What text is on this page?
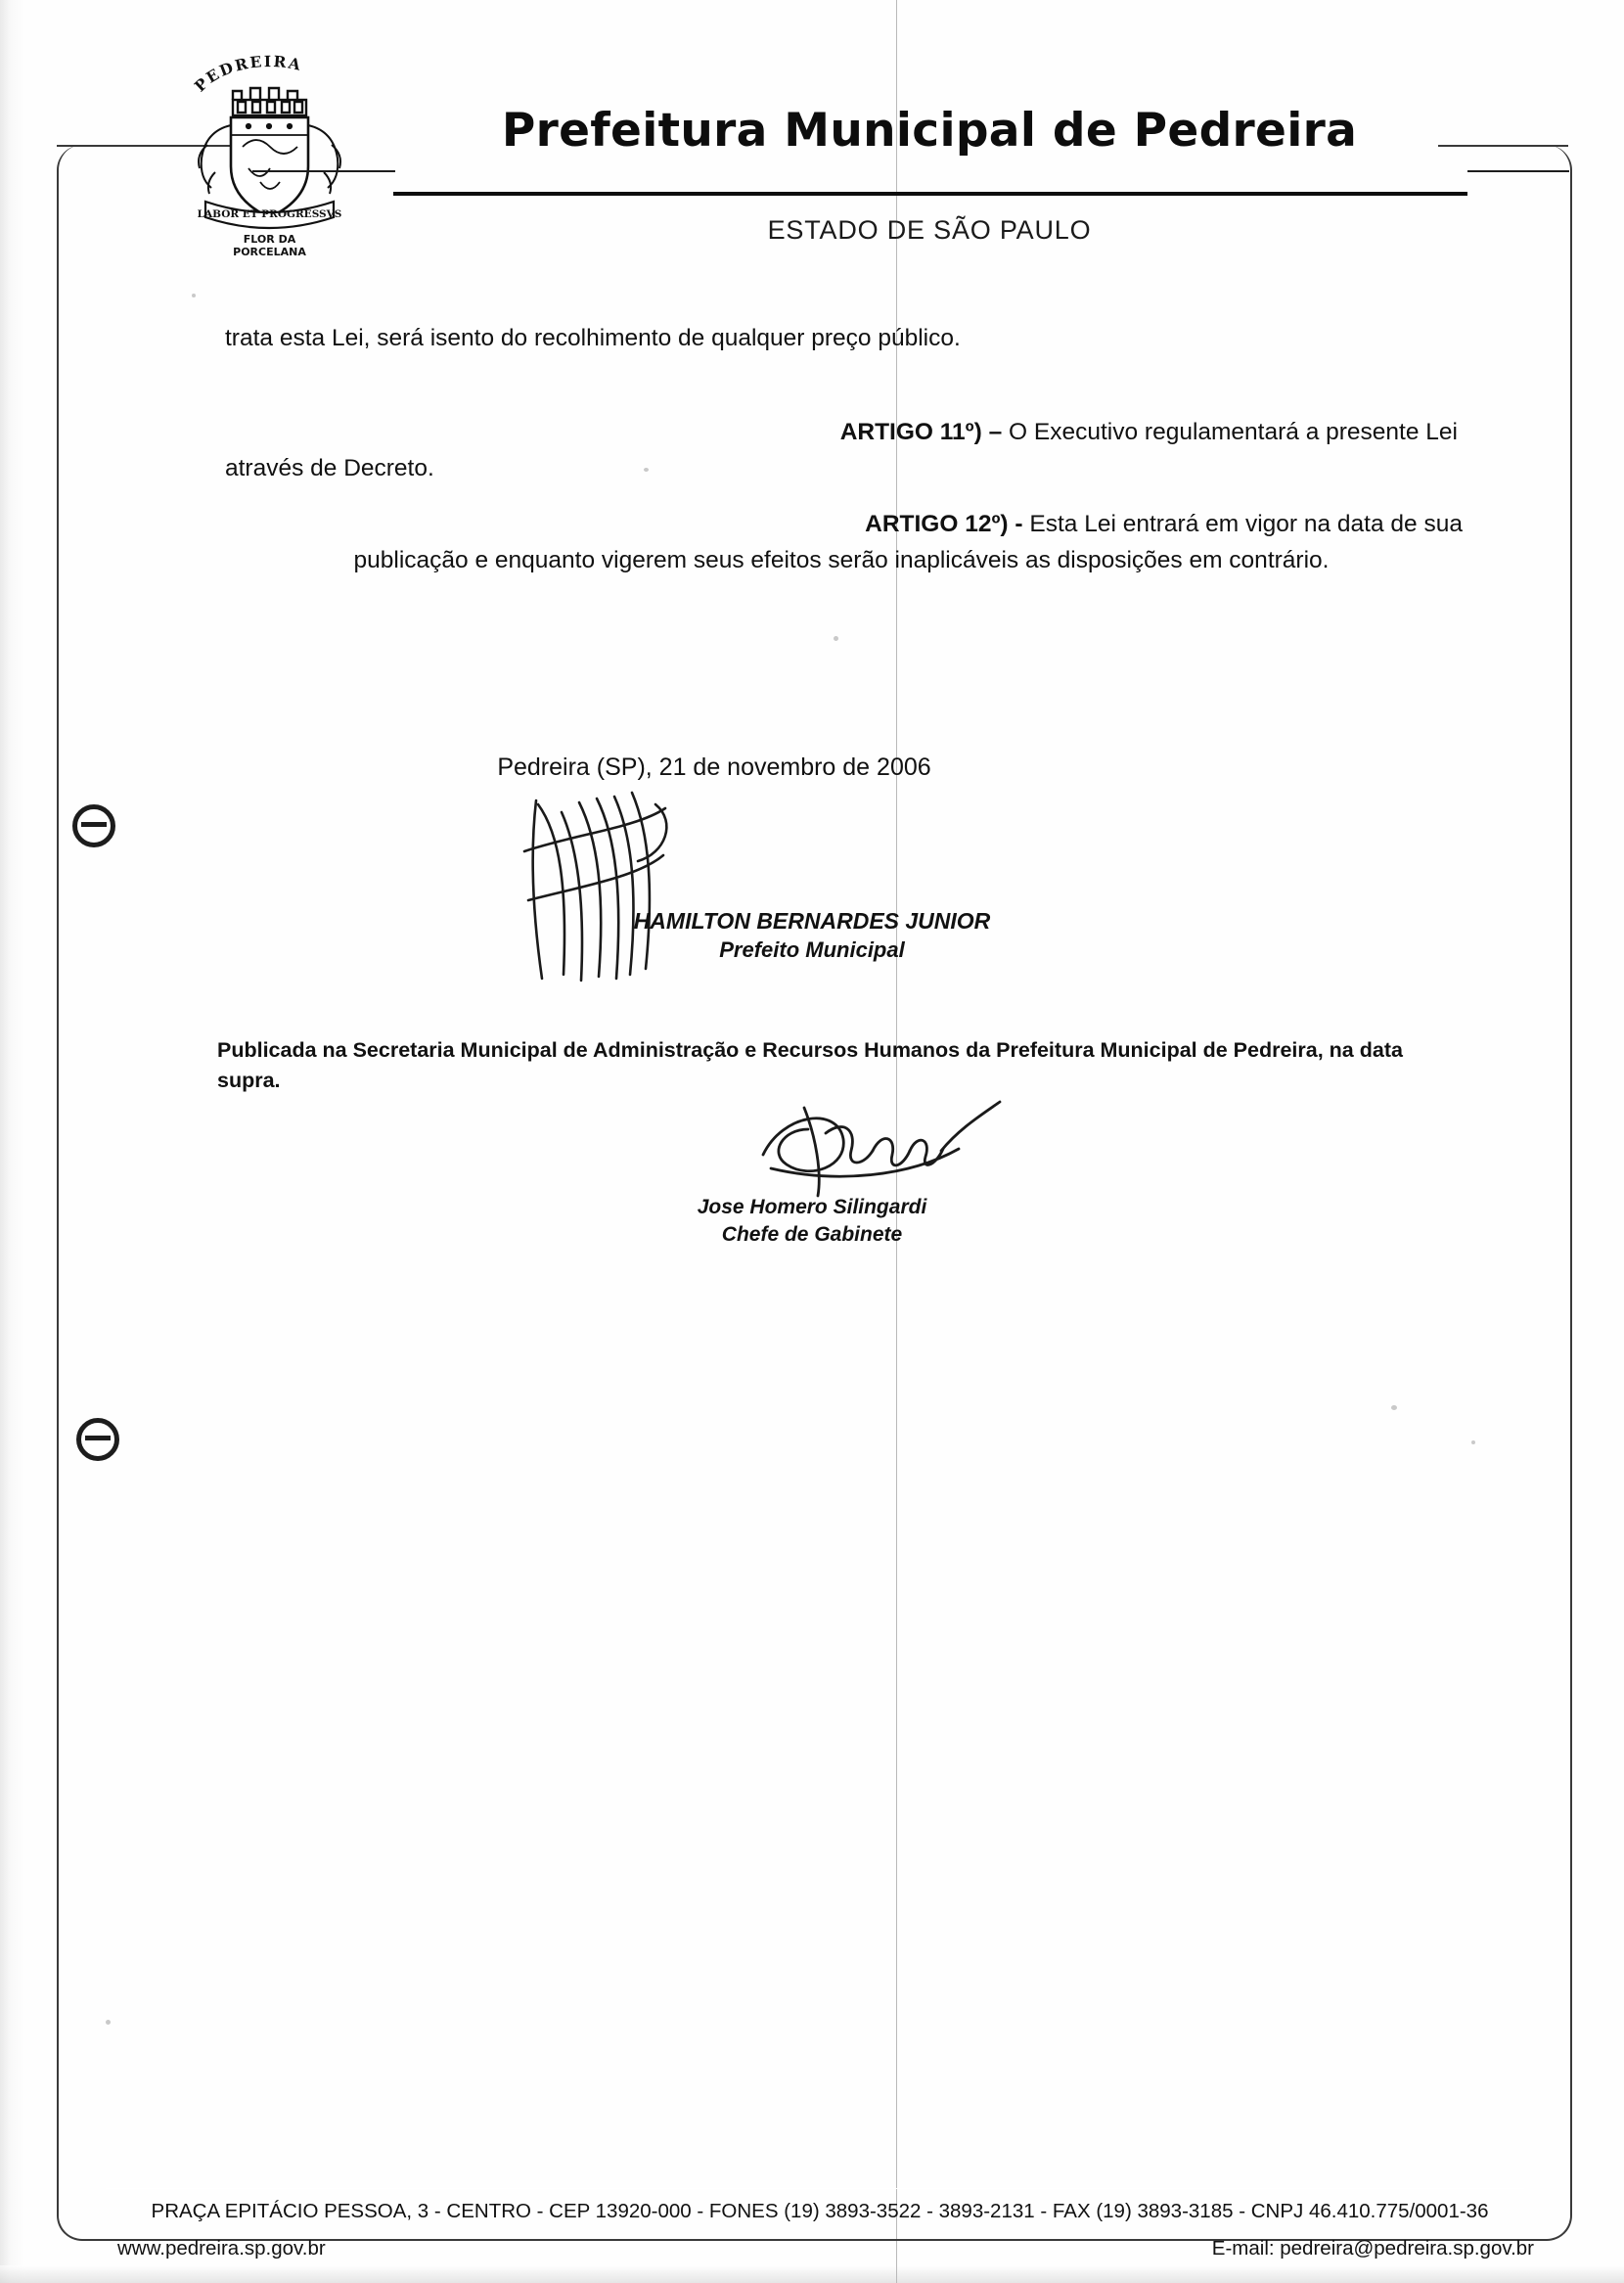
PEDREIRA
LABOR ET PROGRESSVS
FLOR DA
PORCELANA
Prefeitura Municipal de Pedreira
ESTADO DE SÃO PAULO
trata esta Lei, será isento do recolhimento de qualquer preço público.
ARTIGO 11º) – O Executivo regulamentará a presente Lei
através de Decreto.
ARTIGO 12º) - Esta Lei entrará em vigor na data de sua
publicação e enquanto vigerem seus efeitos serão inaplicáveis as disposições em contrário.
Pedreira (SP), 21 de novembro de 2006
HAMILTON BERNARDES JUNIOR
Prefeito Municipal
Publicada na Secretaria Municipal de Administração e Recursos Humanos da Prefeitura Municipal de Pedreira, na data supra.
Jose Homero Silingardi
Chefe de Gabinete
PRAÇA EPITÁCIO PESSOA, 3 - CENTRO - CEP 13920-000 - FONES (19) 3893-3522 - 3893-2131 - FAX (19) 3893-3185 - CNPJ 46.410.775/0001-36
www.pedreira.sp.gov.br	E-mail: pedreira@pedreira.sp.gov.br
